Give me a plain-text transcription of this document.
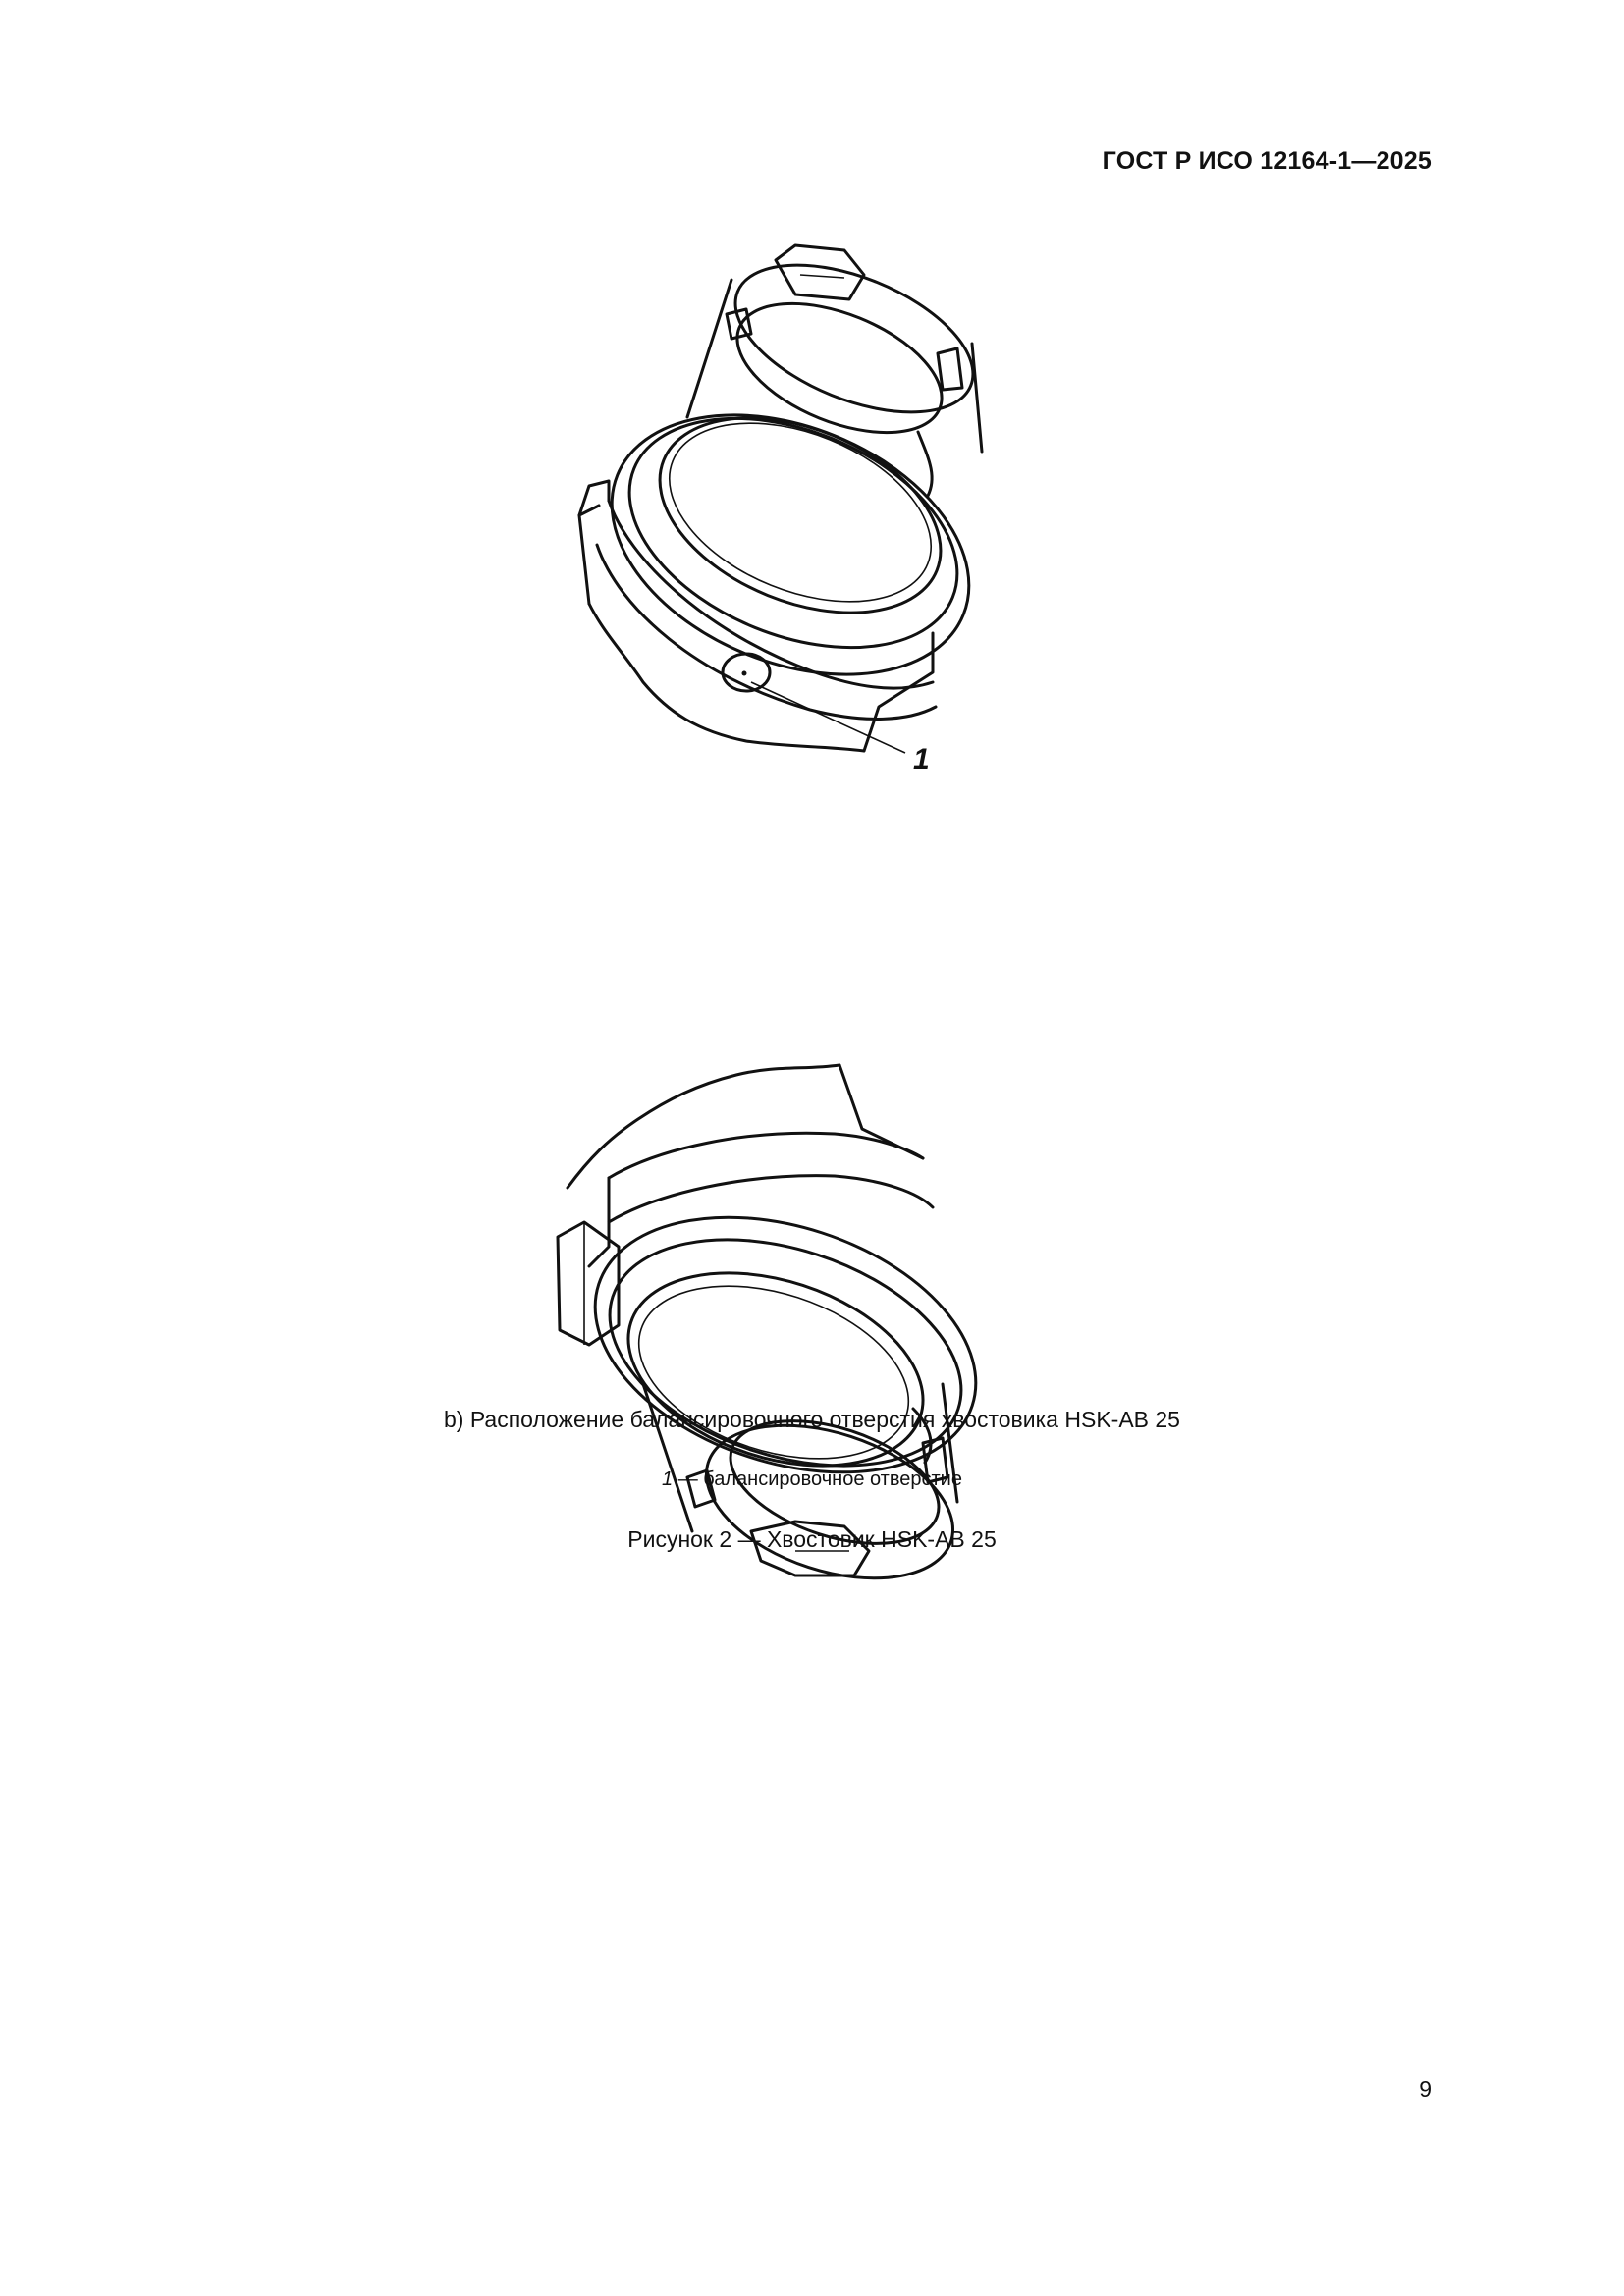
ГОСТ Р ИСО 12164-1—2025
1
b) Расположение балансировочного отверстия хвостовика HSK-AB 25
1 — балансировочное отверстие
Рисунок 2 — Хвостовик HSK-AB 25
9
